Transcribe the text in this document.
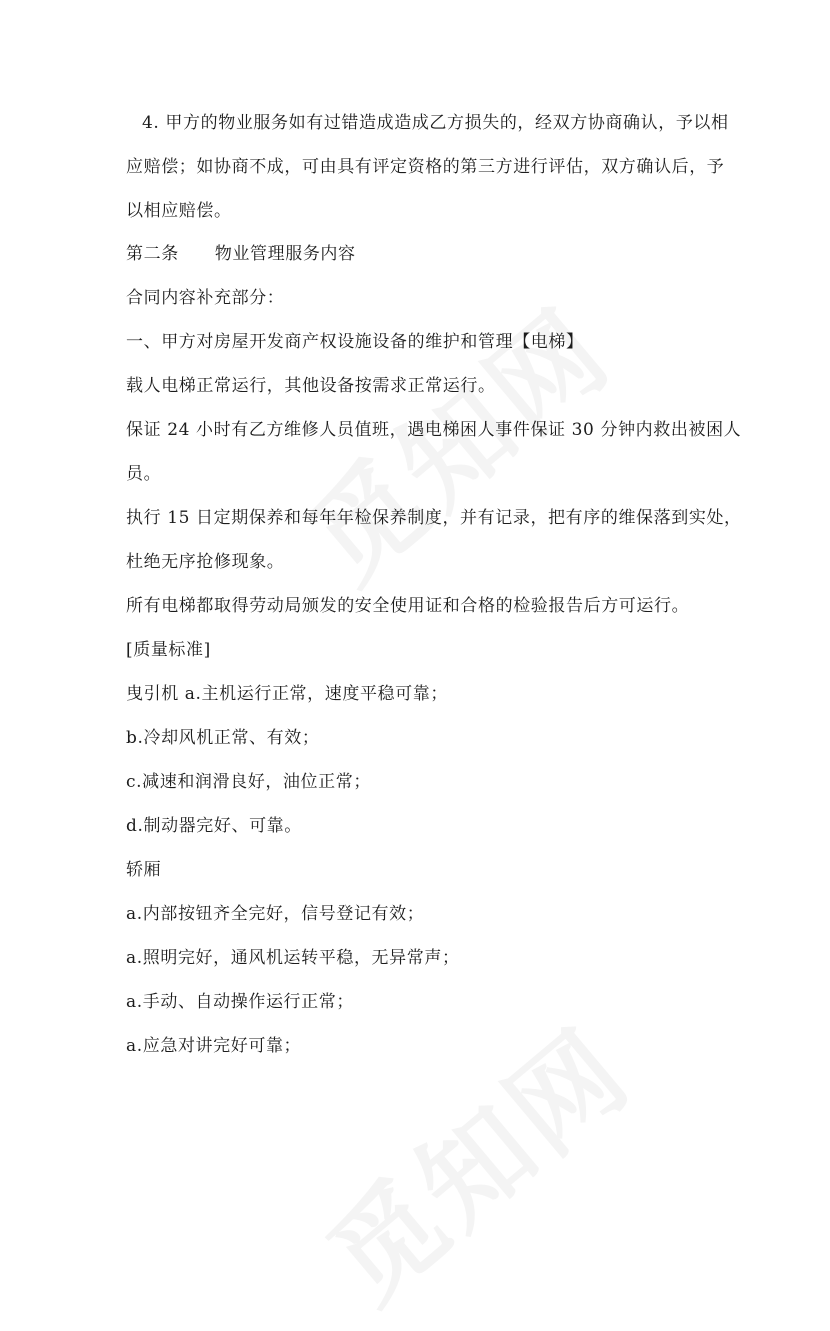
4. 甲方的物业服务如有过错造成造成乙方损失的，经双方协商确认，予以相
应赔偿；如协商不成，可由具有评定资格的第三方进行评估，双方确认后，予
以相应赔偿。
第二条      物业管理服务内容
合同内容补充部分：
一、甲方对房屋开发商产权设施设备的维护和管理【电梯】
载人电梯正常运行，其他设备按需求正常运行。
保证 24 小时有乙方维修人员值班，遇电梯困人事件保证 30 分钟内救出被困人
员。
执行 15 日定期保养和每年年检保养制度，并有记录，把有序的维保落到实处，
杜绝无序抢修现象。
所有电梯都取得劳动局颁发的安全使用证和合格的检验报告后方可运行。
[质量标准]
曳引机 a.主机运行正常，速度平稳可靠；
b.冷却风机正常、有效；
c.减速和润滑良好，油位正常；
d.制动器完好、可靠。
轿厢
a.内部按钮齐全完好，信号登记有效；
a.照明完好，通风机运转平稳，无异常声；
a.手动、自动操作运行正常；
a.应急对讲完好可靠；
